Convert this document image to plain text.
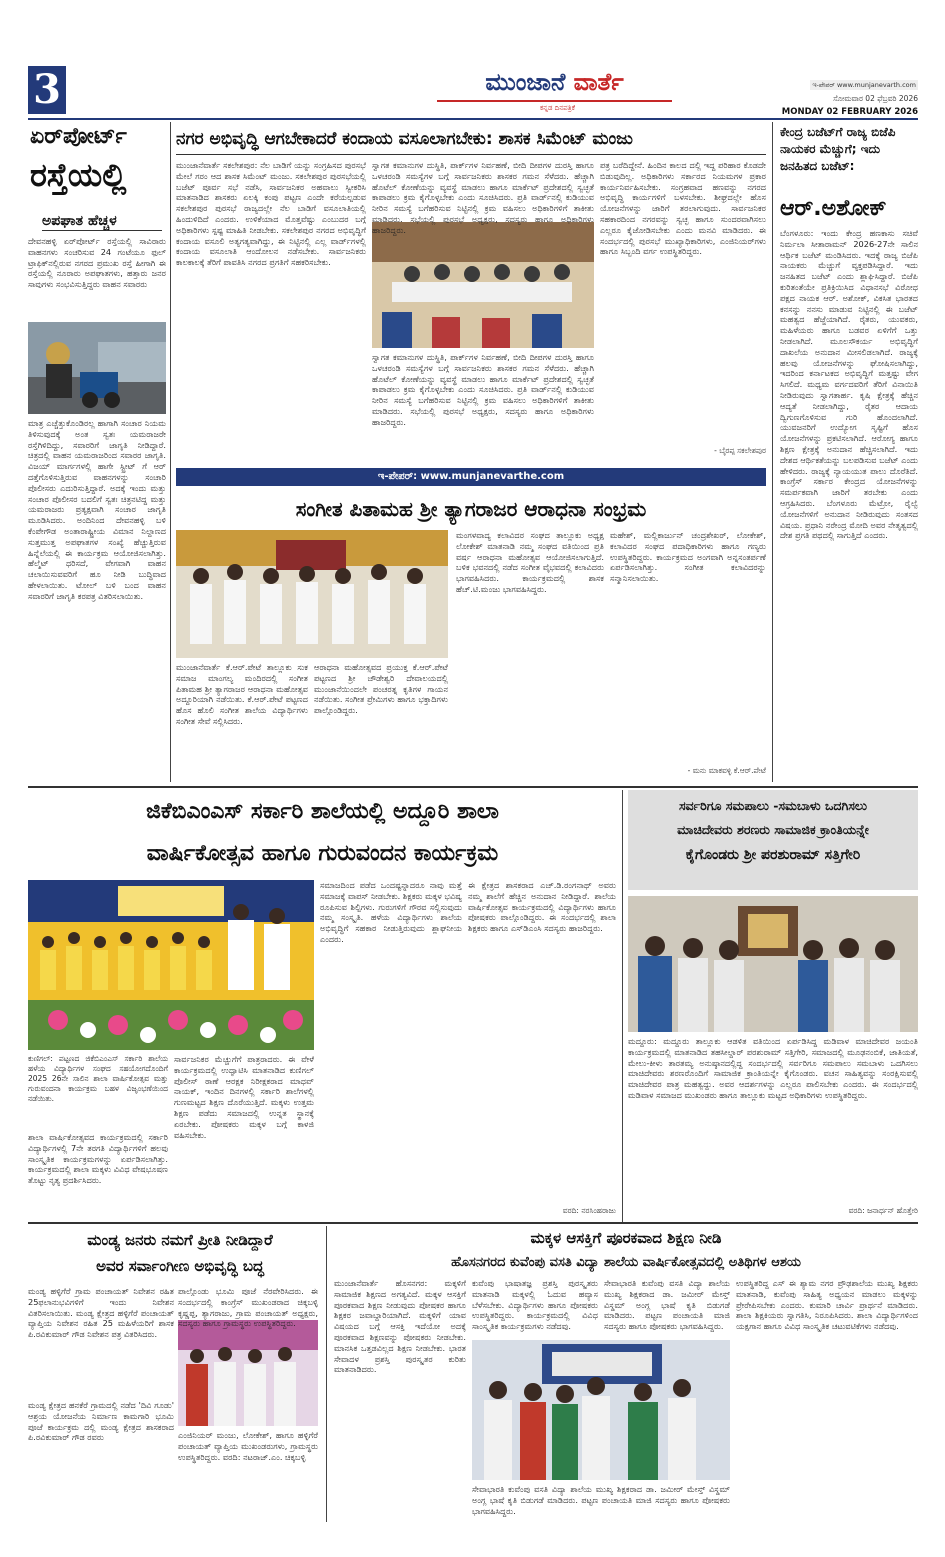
3	ಮುಂಜಾನೆ ವಾರ್ತೆ
ಕನ್ನಡ ದಿನಪತ್ರಿಕೆ
ಇ-ಪೇಪರ್ www.munjanevarth.com
ಸೋಮವಾರ 02 ಫೆಬ್ರವರಿ 2026
MONDAY 02 FEBRUARY 2026
ಏರ್‌ಪೋರ್ಟ್
ರಸ್ತೆಯಲ್ಲಿ
ಅಪಘಾತ ಹೆಚ್ಚಳ
ದೇವನಹಳ್ಳಿ ಏರ್‌ಪೋರ್ಟ್ ರಸ್ತೆಯಲ್ಲಿ ಸಾವಿರಾರು ವಾಹನಗಳು ಸಂಚರಿಸುವ 24 ಗಂಟೆಯೂ ಫುಲ್ ಟ್ರಾಫಿಕ್‌ನಲ್ಲಿರುವ ನಗರದ ಪ್ರಮುಖ ರಸ್ತೆ ಹೀಗಾಗಿ ಈ ರಸ್ತೆಯಲ್ಲಿ ನೂರಾರು ಅಪಘಾತಗಳು, ಹತ್ತಾರು ಜನರ ಸಾವುಗಳು ಸಂಭವಿಸುತ್ತಿದ್ದರು ವಾಹನ ಸವಾರರು
ಮಾತ್ರ ಎಚ್ಚೆತ್ತುಕೊಂಡಿರಲ್ಲ ಹಾಗಾಗಿ ಸಂಚಾರ ನಿಯಮ ತಿಳಿಸುವುದಕ್ಕೆ ಅಂತ ಸ್ವತಃ ಯಮರಾಜರೇ ರಸ್ತೆಗಿಳಿದಿದ್ದು, ಸವಾರರಿಗೆ ಜಾಗೃತಿ ನೀಡಿದ್ದಾರೆ. ಚಿತ್ರದಲ್ಲಿ ವಾಹನ ಯಮರಾಜರಿಂದ ಸವಾರರ ಜಾಗೃತಿ. ವಿಜಯ್ ಮಾರ್ಗಗಳಲ್ಲಿ ಹಾಗೇ ಸ್ಟ್ರೀಟ್ ಗೆ ಆರ್ ದತ್ತೆಗೊಳಿಸುತ್ತಿರುವ ವಾಹನಗಳನ್ನು ಸಂಚಾರಿ ಪೊಲೀಸರು ಎದುರಿಸುತ್ತಿದ್ದಾರೆ. ಅದಕ್ಕೆ ಇಂದು ಮತ್ತು ಸಂಚಾರ ಪೊಲೀಸರ ಬದಲಿಗೆ ಸ್ವತಃ ಚಿತ್ರನಟಿದ್ದ ಮತ್ತು ಯಮರಾಜರು ಪ್ರತ್ಯಕ್ಷವಾಗಿ ಸಂಚಾರ ಜಾಗೃತಿ ಮೂಡಿಸಿದರು. ಅಂದಿನಿಂದ ದೇವನಹಳ್ಳಿ ಬಳಿ ಕೆಂಪೇಗೌಡ ಅಂತಾರಾಷ್ಟ್ರೀಯ ವಿಮಾನ ನಿಲ್ದಾಣದ ಸುತ್ತಮುತ್ತ ಅಪಘಾತಗಳ ಸಂಖ್ಯೆ ಹೆಚ್ಚುತ್ತಿರುವ ಹಿನ್ನೆಲೆಯಲ್ಲಿ ಈ ಕಾರ್ಯಕ್ರಮ ಆಯೋಜಿಸಲಾಗಿತ್ತು. ಹೆಲ್ಮೆಟ್ ಧರಿಸದೆ, ವೇಗವಾಗಿ ವಾಹನ ಚಲಾಯಿಸುವವರಿಗೆ ಹೂ ನೀಡಿ ಬುದ್ಧಿವಾದ ಹೇಳಲಾಯಿತು. ಟೋಲ್ ಬಳಿ ಬಂದ ವಾಹನ ಸವಾರರಿಗೆ ಜಾಗೃತಿ ಕರಪತ್ರ ವಿತರಿಸಲಾಯಿತು.
ನಗರ ಅಭಿವೃದ್ಧಿ ಆಗಬೇಕಾದರೆ ಕಂದಾಯ ವಸೂಲಾಗಬೇಕು: ಶಾಸಕ ಸಿಮೆಂಟ್ ಮಂಜು
ಮುಂಜಾನೆವಾರ್ತೆ ಸಕಲೇಶಪುರ: ನೆಲ ಬಾಡಿಗೆ ಯನ್ನು ಸಂಗ್ರಹಿಸದ ಪುರಸಭೆ ಮೇಲೆ ಗರಂ ಆದ ಶಾಸಕ ಸಿಮೆಂಟ್ ಮಂಜು. ಸಕಲೇಶಪುರ ಪುರಸಭೆಯಲ್ಲಿ ಬಜೆಟ್ ಪೂರ್ವ ಸಭೆ ನಡೆಸಿ, ಸಾರ್ವಜನಿಕರ ಅಹವಾಲು ಸ್ವೀಕರಿಸಿ ಮಾತನಾಡಿದ ಶಾಸಕರು ಏಲಕ್ಕಿ ಕಂಪು ಪಟ್ಟಣ ಎಂದೇ ಕರೆಯಲ್ಪಡುವ ಸಕಲೇಶಪುರ ಪುರಸಭೆ ರಾಜ್ಯದಲ್ಲೇ ನೆಲ ಬಾಡಿಗೆ ವಸೂಲಾತಿಯಲ್ಲಿ ಹಿಂದುಳಿದಿದೆ ಎಂದರು. ಉಳಿಕೆಯಾದ ಮೊತ್ತವೆಷ್ಟು ಎಂಬುದರ ಬಗ್ಗೆ ಅಧಿಕಾರಿಗಳು ಸ್ಪಷ್ಟ ಮಾಹಿತಿ ನೀಡಬೇಕು. ಸಕಲೇಶಪುರ ನಗರದ ಅಭಿವೃದ್ಧಿಗೆ ಕಂದಾಯ ವಸೂಲಿ ಅತ್ಯಗತ್ಯವಾಗಿದ್ದು, ಈ ನಿಟ್ಟಿನಲ್ಲಿ ಎಲ್ಲ ವಾರ್ಡ್‌ಗಳಲ್ಲಿ ಕಂದಾಯ ವಸೂಲಾತಿ ಆಂದೋಲನ ನಡೆಸಬೇಕು. ಸಾರ್ವಜನಿಕರು ಕಾಲಕಾಲಕ್ಕೆ ತೆರಿಗೆ ಪಾವತಿಸಿ ನಗರದ ಪ್ರಗತಿಗೆ ಸಹಕರಿಸಬೇಕು.
ಸ್ವಾಗತ ಕಮಾನುಗಳ ದುಸ್ಥಿತಿ, ಪಾರ್ಕ್‌ಗಳ ನಿರ್ವಹಣೆ, ಬೀದಿ ದೀಪಗಳ ದುರಸ್ತಿ ಹಾಗೂ ಒಳಚರಂಡಿ ಸಮಸ್ಯೆಗಳ ಬಗ್ಗೆ ಸಾರ್ವಜನಿಕರು ಶಾಸಕರ ಗಮನ ಸೆಳೆದರು. ಹೆಚ್ಚಾಗಿ ಹೊಟೆಲ್ ಕೋಣೆಯನ್ನು ವ್ಯವಸ್ಥೆ ಮಾಡಲು ಹಾಗೂ ಮಾರ್ಕೆಟ್ ಪ್ರದೇಶದಲ್ಲಿ ಸ್ವಚ್ಛತೆ ಕಾಪಾಡಲು ಕ್ರಮ ಕೈಗೊಳ್ಳಬೇಕು ಎಂದು ಸೂಚಿಸಿದರು. ಪ್ರತಿ ವಾರ್ಡ್‌ನಲ್ಲಿ ಕುಡಿಯುವ ನೀರಿನ ಸಮಸ್ಯೆ ಬಗೆಹರಿಸುವ ನಿಟ್ಟಿನಲ್ಲಿ ಕ್ರಮ ವಹಿಸಲು ಅಧಿಕಾರಿಗಳಿಗೆ ತಾಕೀತು ಮಾಡಿದರು. ಸಭೆಯಲ್ಲಿ ಪುರಸಭೆ ಅಧ್ಯಕ್ಷರು, ಸದಸ್ಯರು ಹಾಗೂ ಅಧಿಕಾರಿಗಳು ಹಾಜರಿದ್ದರು.
ಸ್ವಾಗತ ಕಮಾನುಗಳ ದುಸ್ಥಿತಿ, ಪಾರ್ಕ್‌ಗಳ ನಿರ್ವಹಣೆ, ಬೀದಿ ದೀಪಗಳ ದುರಸ್ತಿ ಹಾಗೂ ಒಳಚರಂಡಿ ಸಮಸ್ಯೆಗಳ ಬಗ್ಗೆ ಸಾರ್ವಜನಿಕರು ಶಾಸಕರ ಗಮನ ಸೆಳೆದರು. ಹೆಚ್ಚಾಗಿ ಹೊಟೆಲ್ ಕೋಣೆಯನ್ನು ವ್ಯವಸ್ಥೆ ಮಾಡಲು ಹಾಗೂ ಮಾರ್ಕೆಟ್ ಪ್ರದೇಶದಲ್ಲಿ ಸ್ವಚ್ಛತೆ ಕಾಪಾಡಲು ಕ್ರಮ ಕೈಗೊಳ್ಳಬೇಕು ಎಂದು ಸೂಚಿಸಿದರು. ಪ್ರತಿ ವಾರ್ಡ್‌ನಲ್ಲಿ ಕುಡಿಯುವ ನೀರಿನ ಸಮಸ್ಯೆ ಬಗೆಹರಿಸುವ ನಿಟ್ಟಿನಲ್ಲಿ ಕ್ರಮ ವಹಿಸಲು ಅಧಿಕಾರಿಗಳಿಗೆ ತಾಕೀತು ಮಾಡಿದರು. ಸಭೆಯಲ್ಲಿ ಪುರಸಭೆ ಅಧ್ಯಕ್ಷರು, ಸದಸ್ಯರು ಹಾಗೂ ಅಧಿಕಾರಿಗಳು ಹಾಜರಿದ್ದರು.
ಪತ್ರ ಬರೆದಿದ್ದೇನೆ. ಹಿಂದಿನ ಕಾಲದ ದಲ್ಲಿ ಇದ್ದ ಪರಿಹಾರ ಕೊಡದೇ ಬಿಡುವುದಿಲ್ಲ. ಅಧಿಕಾರಿಗಳು ಸರ್ಕಾರದ ನಿಯಮಗಳ ಪ್ರಕಾರ ಕಾರ್ಯನಿರ್ವಹಿಸಬೇಕು. ಸಂಗ್ರಹವಾದ ಹಣವನ್ನು ನಗರದ ಅಭಿವೃದ್ಧಿ ಕಾರ್ಯಗಳಿಗೆ ಬಳಸಬೇಕು. ಶೀಘ್ರದಲ್ಲೇ ಹೊಸ ಯೋಜನೆಗಳನ್ನು ಜಾರಿಗೆ ತರಲಾಗುವುದು. ಸಾರ್ವಜನಿಕರ ಸಹಕಾರದಿಂದ ನಗರವನ್ನು ಸ್ವಚ್ಛ ಹಾಗೂ ಸುಂದರವಾಗಿಸಲು ಎಲ್ಲರೂ ಕೈಜೋಡಿಸಬೇಕು ಎಂದು ಮನವಿ ಮಾಡಿದರು. ಈ ಸಂದರ್ಭದಲ್ಲಿ ಪುರಸಭೆ ಮುಖ್ಯಾಧಿಕಾರಿಗಳು, ಎಂಜಿನಿಯರ್‌ಗಳು ಹಾಗೂ ಸಿಬ್ಬಂದಿ ವರ್ಗ ಉಪಸ್ಥಿತರಿದ್ದರು.
- ಬೈರಪ್ಪ ಸಕಲೇಶಪುರ
ಇ-ಪೇಪರ್: www.munjanevarthe.com
ಕೇಂದ್ರ ಬಜೆಟ್‌ಗೆ ರಾಜ್ಯ ಬಿಜೆಪಿ ನಾಯಕರ ಮೆಚ್ಚುಗೆ; ಇದು ಜನಹಿತದ ಬಜೆಟ್:
ಆರ್.ಅಶೋಕ್
ಬೆಂಗಳೂರು: ಇಂದು ಕೇಂದ್ರ ಹಣಕಾಸು ಸಚಿವೆ ನಿರ್ಮಲಾ ಸೀತಾರಾಮನ್ 2026-27ನೇ ಸಾಲಿನ ಆರ್ಥಿಕ ಬಜೆಟ್ ಮಂಡಿಸಿದರು. ಇದಕ್ಕೆ ರಾಜ್ಯ ಬಿಜೆಪಿ ನಾಯಕರು ಮೆಚ್ಚುಗೆ ವ್ಯಕ್ತಪಡಿಸಿದ್ದಾರೆ. ಇದು ಜನಹಿತದ ಬಜೆಟ್ ಎಂದು ಶ್ಲಾಘಿಸಿದ್ದಾರೆ. ಬಿಜೆಪಿ ಕುರಿತಂತೆಯೇ ಪ್ರತಿಕ್ರಿಯಿಸಿದ ವಿಧಾನಸಭೆ ವಿರೋಧ ಪಕ್ಷದ ನಾಯಕ ಆರ್. ಅಶೋಕ್, ವಿಕಸಿತ ಭಾರತದ ಕನಸನ್ನು ನನಸು ಮಾಡುವ ನಿಟ್ಟಿನಲ್ಲಿ ಈ ಬಜೆಟ್ ಮಹತ್ವದ ಹೆಜ್ಜೆಯಾಗಿದೆ. ರೈತರು, ಯುವಕರು, ಮಹಿಳೆಯರು ಹಾಗೂ ಬಡವರ ಏಳಿಗೆಗೆ ಒತ್ತು ನೀಡಲಾಗಿದೆ. ಮೂಲಸೌಕರ್ಯ ಅಭಿವೃದ್ಧಿಗೆ ದಾಖಲೆಯ ಅನುದಾನ ಮೀಸಲಿಡಲಾಗಿದೆ. ರಾಜ್ಯಕ್ಕೆ ಹಲವು ಯೋಜನೆಗಳನ್ನು ಘೋಷಿಸಲಾಗಿದ್ದು, ಇದರಿಂದ ಕರ್ನಾಟಕದ ಅಭಿವೃದ್ಧಿಗೆ ಮತ್ತಷ್ಟು ವೇಗ ಸಿಗಲಿದೆ. ಮಧ್ಯಮ ವರ್ಗದವರಿಗೆ ತೆರಿಗೆ ವಿನಾಯಿತಿ ನೀಡಿರುವುದು ಸ್ವಾಗತಾರ್ಹ. ಕೃಷಿ ಕ್ಷೇತ್ರಕ್ಕೆ ಹೆಚ್ಚಿನ ಆದ್ಯತೆ ನೀಡಲಾಗಿದ್ದು, ರೈತರ ಆದಾಯ ದ್ವಿಗುಣಗೊಳಿಸುವ ಗುರಿ ಹೊಂದಲಾಗಿದೆ. ಯುವಜನರಿಗೆ ಉದ್ಯೋಗ ಸೃಷ್ಟಿಗೆ ಹೊಸ ಯೋಜನೆಗಳನ್ನು ಪ್ರಕಟಿಸಲಾಗಿದೆ. ಆರೋಗ್ಯ ಹಾಗೂ ಶಿಕ್ಷಣ ಕ್ಷೇತ್ರಕ್ಕೆ ಅನುದಾನ ಹೆಚ್ಚಿಸಲಾಗಿದೆ. ಇದು ದೇಶದ ಆರ್ಥಿಕತೆಯನ್ನು ಬಲಪಡಿಸುವ ಬಜೆಟ್ ಎಂದು ಹೇಳಿದರು. ರಾಜ್ಯಕ್ಕೆ ನ್ಯಾಯಯುತ ಪಾಲು ದೊರೆತಿದೆ. ಕಾಂಗ್ರೆಸ್ ಸರ್ಕಾರ ಕೇಂದ್ರದ ಯೋಜನೆಗಳನ್ನು ಸಮರ್ಪಕವಾಗಿ ಜಾರಿಗೆ ತರಬೇಕು ಎಂದು ಆಗ್ರಹಿಸಿದರು. ಬೆಂಗಳೂರು ಮೆಟ್ರೋ, ರೈಲ್ವೆ ಯೋಜನೆಗಳಿಗೆ ಅನುದಾನ ನೀಡಿರುವುದು ಸಂತಸದ ವಿಷಯ. ಪ್ರಧಾನಿ ನರೇಂದ್ರ ಮೋದಿ ಅವರ ನೇತೃತ್ವದಲ್ಲಿ ದೇಶ ಪ್ರಗತಿ ಪಥದಲ್ಲಿ ಸಾಗುತ್ತಿದೆ ಎಂದರು.
ಸಂಗೀತ ಪಿತಾಮಹ ಶ್ರೀ ತ್ಯಾಗರಾಜರ ಆರಾಧನಾ ಸಂಭ್ರಮ
ಮುಂಜಾನೆವಾರ್ತೆ ಕೆ.ಆರ್.ಪೇಟೆ ತಾಲ್ಲೂಕು ಸುಕ ಸಮಾಜ ಮಾಂಗಲ್ಯ ಮಂದಿರದಲ್ಲಿ ಸಂಗೀತ ಪಿತಾಮಹ ಶ್ರೀ ತ್ಯಾಗರಾಜರ ಆರಾಧನಾ ಮಹೋತ್ಸವ ಅದ್ದೂರಿಯಾಗಿ ನಡೆಯಿತು. ಕೆ.ಆರ್.ಪೇಟೆ ಪಟ್ಟಣದ ಹೊಸ ಹೊಲಿ ಸಂಗೀತ ಶಾಲೆಯ ವಿದ್ಯಾರ್ಥಿಗಳು ಸಂಗೀತ ಸೇವೆ ಸಲ್ಲಿಸಿದರು.
ಆರಾಧನಾ ಮಹೋತ್ಸವದ ಪ್ರಯುಕ್ತ ಕೆ.ಆರ್.ಪೇಟೆ ಪಟ್ಟಣದ ಶ್ರೀ ಚೌಡೇಶ್ವರಿ ದೇವಾಲಯದಲ್ಲಿ ಮುಂಜಾನೆಯಿಂದಲೇ ಪಂಚರತ್ನ ಕೃತಿಗಳ ಗಾಯನ ನಡೆಯಿತು. ಸಂಗೀತ ಪ್ರೇಮಿಗಳು ಹಾಗೂ ಭಕ್ತಾದಿಗಳು ಪಾಲ್ಗೊಂಡಿದ್ದರು.
ಮಂಗಳವಾದ್ಯ ಕಲಾವಿದರ ಸಂಘದ ತಾಲ್ಲೂಕು ಅಧ್ಯಕ್ಷ ಲೋಕೇಶ್ ಮಾತನಾಡಿ ನಮ್ಮ ಸಂಘದ ವತಿಯಿಂದ ಪ್ರತಿ ವರ್ಷ ಆರಾಧನಾ ಮಹೋತ್ಸವ ಆಯೋಜಿಸಲಾಗುತ್ತಿದೆ. ಬಳಿಕ ಭವನದಲ್ಲಿ ನಡೆದ ಸಂಗೀತ ವೈಭವದಲ್ಲಿ ಕಲಾವಿದರು ಭಾಗವಹಿಸಿದರು. ಕಾರ್ಯಕ್ರಮದಲ್ಲಿ ಶಾಸಕ ಹೆಚ್.ಟಿ.ಮಂಜು ಭಾಗವಹಿಸಿದ್ದರು.
ಮಹೇಶ್, ಮಲ್ಲಿಕಾರ್ಜುನ್ ಚಂದ್ರಶೇಖರ್, ಲೋಕೇಶ್, ಕಲಾವಿದರ ಸಂಘದ ಪದಾಧಿಕಾರಿಗಳು ಹಾಗೂ ಗಣ್ಯರು ಉಪಸ್ಥಿತರಿದ್ದರು. ಕಾರ್ಯಕ್ರಮದ ಅಂಗವಾಗಿ ಅನ್ನಸಂತರ್ಪಣೆ ಏರ್ಪಡಿಸಲಾಗಿತ್ತು. ಸಂಗೀತ ಕಲಾವಿದರನ್ನು ಸನ್ಮಾನಿಸಲಾಯಿತು.
- ಮನು ಮಾಕವಳ್ಳಿ ಕೆ.ಆರ್.ಪೇಟೆ
ಜಿಕೆಬಿಎಂಎಸ್ ಸರ್ಕಾರಿ ಶಾಲೆಯಲ್ಲಿ ಅದ್ದೂರಿ ಶಾಲಾ
ವಾರ್ಷಿಕೋತ್ಸವ ಹಾಗೂ ಗುರುವಂದನ ಕಾರ್ಯಕ್ರಮ
ಕುಣಿಗಲ್: ಪಟ್ಟಣದ ಜಿಕೆಬಿಎಂಎಸ್ ಸರ್ಕಾರಿ ಶಾಲೆಯ ಹಳೆಯ ವಿದ್ಯಾರ್ಥಿಗಳ ಸಂಘದ ಸಹಯೋಗದೊಂದಿಗೆ 2025 26ನೇ ಸಾಲಿನ ಶಾಲಾ ವಾರ್ಷಿಕೋತ್ಸವ ಮತ್ತು ಗುರುವಂದನಾ ಕಾರ್ಯಕ್ರಮ ಬಹಳ ವಿಜೃಂಭಣೆಯಿಂದ ನಡೆಯಿತು.
ಶಾಲಾ ವಾರ್ಷಿಕೋತ್ಸವದ ಕಾರ್ಯಕ್ರಮದಲ್ಲಿ ಸರ್ಕಾರಿ ವಿದ್ಯಾರ್ಥಿಗಳಲ್ಲಿ 7ನೇ ತರಗತಿ ವಿದ್ಯಾರ್ಥಿಗಳಿಗೆ ಹಲವು ಸಾಂಸ್ಕೃತಿಕ ಕಾರ್ಯಕ್ರಮಗಳನ್ನು ಏರ್ಪಡಿಸಲಾಗಿತ್ತು. ಕಾರ್ಯಕ್ರಮದಲ್ಲಿ ಶಾಲಾ ಮಕ್ಕಳು ವಿವಿಧ ವೇಷಭೂಷಣ ತೊಟ್ಟು ನೃತ್ಯ ಪ್ರದರ್ಶಿಸಿದರು.
ಸಾರ್ವಜನಿಕರ ಮೆಚ್ಚುಗೆಗೆ ಪಾತ್ರರಾದರು. ಈ ವೇಳೆ ಕಾರ್ಯಕ್ರಮದಲ್ಲಿ ಉದ್ಘಾಟಿಸಿ ಮಾತನಾಡಿದ ಕುಣಿಗಲ್ ಪೊಲೀಸ್ ಠಾಣೆ ಆರಕ್ಷಕ ನಿರೀಕ್ಷಕರಾದ ಮಾಧವ್ ನಾಯಕ್, ಇಂದಿನ ದಿನಗಳಲ್ಲಿ ಸರ್ಕಾರಿ ಶಾಲೆಗಳಲ್ಲಿ ಗುಣಮಟ್ಟದ ಶಿಕ್ಷಣ ದೊರೆಯುತ್ತಿದೆ. ಮಕ್ಕಳು ಉತ್ತಮ ಶಿಕ್ಷಣ ಪಡೆದು ಸಮಾಜದಲ್ಲಿ ಉನ್ನತ ಸ್ಥಾನಕ್ಕೆ ಏರಬೇಕು. ಪೋಷಕರು ಮಕ್ಕಳ ಬಗ್ಗೆ ಕಾಳಜಿ ವಹಿಸಬೇಕು.
ಸಮಾಜದಿಂದ ಪಡೆದ ಒಂದಷ್ಟನ್ನಾದರೂ ನಾವು ಮತ್ತೆ ಸಮಾಜಕ್ಕೆ ವಾಪಸ್ ನೀಡಬೇಕು. ಶಿಕ್ಷಕರು ಮಕ್ಕಳ ಭವಿಷ್ಯ ರೂಪಿಸುವ ಶಿಲ್ಪಿಗಳು. ಗುರುಗಳಿಗೆ ಗೌರವ ಸಲ್ಲಿಸುವುದು ನಮ್ಮ ಸಂಸ್ಕೃತಿ. ಹಳೆಯ ವಿದ್ಯಾರ್ಥಿಗಳು ಶಾಲೆಯ ಅಭಿವೃದ್ಧಿಗೆ ಸಹಕಾರ ನೀಡುತ್ತಿರುವುದು ಶ್ಲಾಘನೀಯ ಎಂದರು.
ಈ ಕ್ಷೇತ್ರದ ಶಾಸಕರಾದ ಎಚ್.ಡಿ.ರಂಗನಾಥ್ ಅವರು ನಮ್ಮ ಶಾಲೆಗೆ ಹೆಚ್ಚಿನ ಅನುದಾನ ನೀಡಿದ್ದಾರೆ. ಶಾಲೆಯ ವಾರ್ಷಿಕೋತ್ಸವ ಕಾರ್ಯಕ್ರಮದಲ್ಲಿ ವಿದ್ಯಾರ್ಥಿಗಳು ಹಾಗೂ ಪೋಷಕರು ಪಾಲ್ಗೊಂಡಿದ್ದರು. ಈ ಸಂದರ್ಭದಲ್ಲಿ ಶಾಲಾ ಶಿಕ್ಷಕರು ಹಾಗೂ ಎಸ್‌ಡಿಎಂಸಿ ಸದಸ್ಯರು ಹಾಜರಿದ್ದರು.
ವರದಿ: ನರಸಿಂಹರಾಜು
ಸರ್ವರಿಗೂ ಸಮಪಾಲು -ಸಮಬಾಳು ಒದಗಿಸಲು
ಮಾಚಿದೇವರು ಶರಣರು ಸಾಮಾಜಿಕ ಕ್ರಾಂತಿಯನ್ನೇ
ಕೈಗೊಂಡರು ಶ್ರೀ ಪರಶುರಾಮ್ ಸತ್ತಿಗೇರಿ
ಮದ್ದೂರು: ಮದ್ದೂರು ತಾಲ್ಲೂಕು ಆಡಳಿತ ವತಿಯಿಂದ ಏರ್ಪಡಿಸಿದ್ದ ಮಡಿವಾಳ ಮಾಚಿದೇವರ ಜಯಂತಿ ಕಾರ್ಯಕ್ರಮದಲ್ಲಿ ಮಾತನಾಡಿದ ತಹಸೀಲ್ದಾರ್ ಪರಶುರಾಮ್ ಸತ್ತಿಗೇರಿ, ಸಮಾಜದಲ್ಲಿ ಮೂಢನಂಬಿಕೆ, ಜಾತಿಯತೆ, ಮೇಲು-ಕೀಳು ತಾರತಮ್ಯ ಅನುಷ್ಠಾನದಲ್ಲಿದ್ದ ಸಂದರ್ಭದಲ್ಲಿ ಸರ್ವರಿಗೂ ಸಮಪಾಲು ಸಮಬಾಳು ಒದಗಿಸಲು ಮಾಚಿದೇವರು ಶರಣರೊಂದಿಗೆ ಸಾಮಾಜಿಕ ಕ್ರಾಂತಿಯನ್ನೇ ಕೈಗೊಂಡರು. ವಚನ ಸಾಹಿತ್ಯವನ್ನು ಸಂರಕ್ಷಿಸುವಲ್ಲಿ ಮಾಚಿದೇವರ ಪಾತ್ರ ಮಹತ್ವದ್ದು. ಅವರ ಆದರ್ಶಗಳನ್ನು ಎಲ್ಲರೂ ಪಾಲಿಸಬೇಕು ಎಂದರು. ಈ ಸಂದರ್ಭದಲ್ಲಿ ಮಡಿವಾಳ ಸಮಾಜದ ಮುಖಂಡರು ಹಾಗೂ ತಾಲ್ಲೂಕು ಮಟ್ಟದ ಅಧಿಕಾರಿಗಳು ಉಪಸ್ಥಿತರಿದ್ದರು.
ವರದಿ: ಜನಾರ್ಧನ್ ಹೊತ್ತೇರಿ
ಮಂಡ್ಯ ಜನರು ನಮಗೆ ಪ್ರೀತಿ ನೀಡಿದ್ದಾರೆ
ಅವರ ಸರ್ವಾಂಗೀಣ ಅಭಿವೃದ್ಧಿ ಬದ್ಧ
ಮಂಡ್ಯ ಹಳ್ಳಿಗೆರೆ ಗ್ರಾಮ ಪಂಚಾಯತ್ ನಿವೇಶನ ರಹಿತ 25ಫಲಾನುಭವಿಗಳಿಗೆ ಇಂದು ನಿವೇಶನ ವಿತರಿಸಲಾಯಿತು. ಮಂಡ್ಯ ಕ್ಷೇತ್ರದ ಹಳ್ಳಿಗೆರೆ ಪಂಚಾಯತ್ ವ್ಯಾಪ್ತಿಯ ನಿವೇಶನ ರಹಿತ 25 ಮಹಿಳೆಯರಿಗೆ ಶಾಸಕ ಪಿ.ರವಿಕುಮಾರ್ ಗೌಡ ನಿವೇಶನ ಪತ್ರ ವಿತರಿಸಿದರು.
ಮಂಡ್ಯ ಕ್ಷೇತ್ರದ ಹನಕೆರೆ ಗ್ರಾಮದಲ್ಲಿ ನಡೆದ 'ದಿವಿ ಗೂಡು' ಆಶ್ರಯ ಯೋಜನೆಯ ನಿರ್ಮಾಣ ಕಾಮಗಾರಿ ಭೂಮಿ ಪೂಜೆ ಕಾರ್ಯಕ್ರಮ ದಲ್ಲಿ ಮಂಡ್ಯ ಕ್ಷೇತ್ರದ ಶಾಸಕರಾದ ಪಿ.ರವಿಕುಮಾರ್ ಗೌಡ ರವರು
ಪಾಲ್ಗೊಂಡು ಭೂಮಿ ಪೂಜೆ ನೆರವೇರಿಸಿದರು. ಈ ಸಂದರ್ಭದಲ್ಲಿ ಕಾಂಗ್ರೆಸ್ ಮುಖಂಡರಾದ ಚಿಕ್ಕಬಳ್ಳಿ ಕೃಷ್ಣಪ್ಪ, ತ್ಯಾಗರಾಜು, ಗ್ರಾಮ ಪಂಚಾಯತ್ ಅಧ್ಯಕ್ಷರು, ಸದಸ್ಯರು ಹಾಗೂ ಗ್ರಾಮಸ್ಥರು ಉಪಸ್ಥಿತರಿದ್ದರು.
ಎಂಜಿನಿಯರ್ ಮಂಜು, ಲೋಕೇಶ್, ಹಾಗೂ ಹಳ್ಳಿಗೆರೆ ಪಂಚಾಯತ್ ವ್ಯಾಪ್ತಿಯ ಮುಖಂಡರುಗಳು, ಗ್ರಾಮಸ್ಥರು ಉಪಸ್ಥಿತರಿದ್ದರು. ವರದಿ: ನಟರಾಜ್.ಎಂ. ಚಿಕ್ಕಬಳ್ಳಿ
ಮಕ್ಕಳ ಆಸಕ್ತಿಗೆ ಪೂರಕವಾದ ಶಿಕ್ಷಣ ನೀಡಿ
ಹೊಸನಗರದ ಕುವೆಂಪು ವಸತಿ ವಿದ್ಯಾ ಶಾಲೆಯ ವಾರ್ಷಿಕೋತ್ಸವದಲ್ಲಿ ಅತಿಥಿಗಳ ಆಶಯ
ಮುಂಜಾನೆವಾರ್ತೆ ಹೊಸನಗರ: ಮಕ್ಕಳಿಗೆ ಸಾಮಾಜಿಕ ಶಿಕ್ಷಣದ ಅಗತ್ಯವಿದೆ. ಮಕ್ಕಳ ಆಸಕ್ತಿಗೆ ಪೂರಕವಾದ ಶಿಕ್ಷಣ ನೀಡುವುದು ಪೋಷಕರ ಹಾಗೂ ಶಿಕ್ಷಕರ ಜವಾಬ್ದಾರಿಯಾಗಿದೆ. ಮಕ್ಕಳಿಗೆ ಯಾವ ವಿಷಯದ ಬಗ್ಗೆ ಆಸಕ್ತಿ ಇದೆಯೋ ಅದಕ್ಕೆ ಪೂರಕವಾದ ಶಿಕ್ಷಣವನ್ನು ಪೋಷಕರು ನೀಡಬೇಕು. ಮಾನಸಿಕ ಒತ್ತಡವಿಲ್ಲದ ಶಿಕ್ಷಣ ನೀಡಬೇಕು. ಭಾರತ ಸೇವಾದಳ ಪ್ರಶಸ್ತಿ ಪುರಸ್ಕೃತರ ಕುರಿತು ಮಾತನಾಡಿದರು.
ಕುವೆಂಪು ಭಾಷಾತಜ್ಞ ಪ್ರಶಸ್ತಿ ಪುರಸ್ಕೃತರು ಮಾತನಾಡಿ ಮಕ್ಕಳಲ್ಲಿ ಓದುವ ಹವ್ಯಾಸ ಬೆಳೆಸಬೇಕು. ವಿದ್ಯಾರ್ಥಿಗಳು ಹಾಗೂ ಪೋಷಕರು ಉಪಸ್ಥಿತರಿದ್ದರು. ಕಾರ್ಯಕ್ರಮದಲ್ಲಿ ವಿವಿಧ ಸಾಂಸ್ಕೃತಿಕ ಕಾರ್ಯಕ್ರಮಗಳು ನಡೆದವು.
ಸೇವಾಭಾರತಿ ಕುವೆಂಪು ವಸತಿ ವಿದ್ಯಾ ಶಾಲೆಯ ಮುಖ್ಯ ಶಿಕ್ಷಕರಾದ ಡಾ. ಜಮೀರ್ ಮೇಸ್ತ್ ವಿಸ್ಡಮ್ ಅಂಗ್ಲ ಭಾಷೆ ಕೃತಿ ಬಿಡುಗಡೆ ಮಾಡಿದರು. ಪಟ್ಟಣ ಪಂಚಾಯತಿ ಮಾಜಿ ಸದಸ್ಯರು ಹಾಗೂ ಪೋಷಕರು ಭಾಗವಹಿಸಿದ್ದರು.
ಉಪಸ್ಥಿತರಿದ್ದ ಎಸ್ ಈ ಶ್ಯಾಮ ನಗರ ಪ್ರೌಢಶಾಲೆಯ ಮುಖ್ಯ ಶಿಕ್ಷಕರು ಮಾತನಾಡಿ, ಕುವೆಂಪು ಸಾಹಿತ್ಯ ಅಧ್ಯಯನ ಮಾಡಲು ಮಕ್ಕಳನ್ನು ಪ್ರೇರೇಪಿಸಬೇಕು ಎಂದರು. ಕುಮಾರಿ ಚಾರ್ವಿ ಪ್ರಾರ್ಥನೆ ಮಾಡಿದರು. ಶಾಲಾ ಶಿಕ್ಷಕಿಯರು ಸ್ವಾಗತಿಸಿ, ನಿರೂಪಿಸಿದರು. ಶಾಲಾ ವಿದ್ಯಾರ್ಥಿಗಳಿಂದ ಯಕ್ಷಗಾನ ಹಾಗೂ ವಿವಿಧ ಸಾಂಸ್ಕೃತಿಕ ಚಟುವಟಿಕೆಗಳು ನಡೆದವು.
ಸೇವಾಭಾರತಿ ಕುವೆಂಪು ವಸತಿ ವಿದ್ಯಾ ಶಾಲೆಯ ಮುಖ್ಯ ಶಿಕ್ಷಕರಾದ ಡಾ. ಜಮೀರ್ ಮೇಸ್ತ್ ವಿಸ್ಡಮ್ ಅಂಗ್ಲ ಭಾಷೆ ಕೃತಿ ಬಿಡುಗಡೆ ಮಾಡಿದರು. ಪಟ್ಟಣ ಪಂಚಾಯತಿ ಮಾಜಿ ಸದಸ್ಯರು ಹಾಗೂ ಪೋಷಕರು ಭಾಗವಹಿಸಿದ್ದರು.
